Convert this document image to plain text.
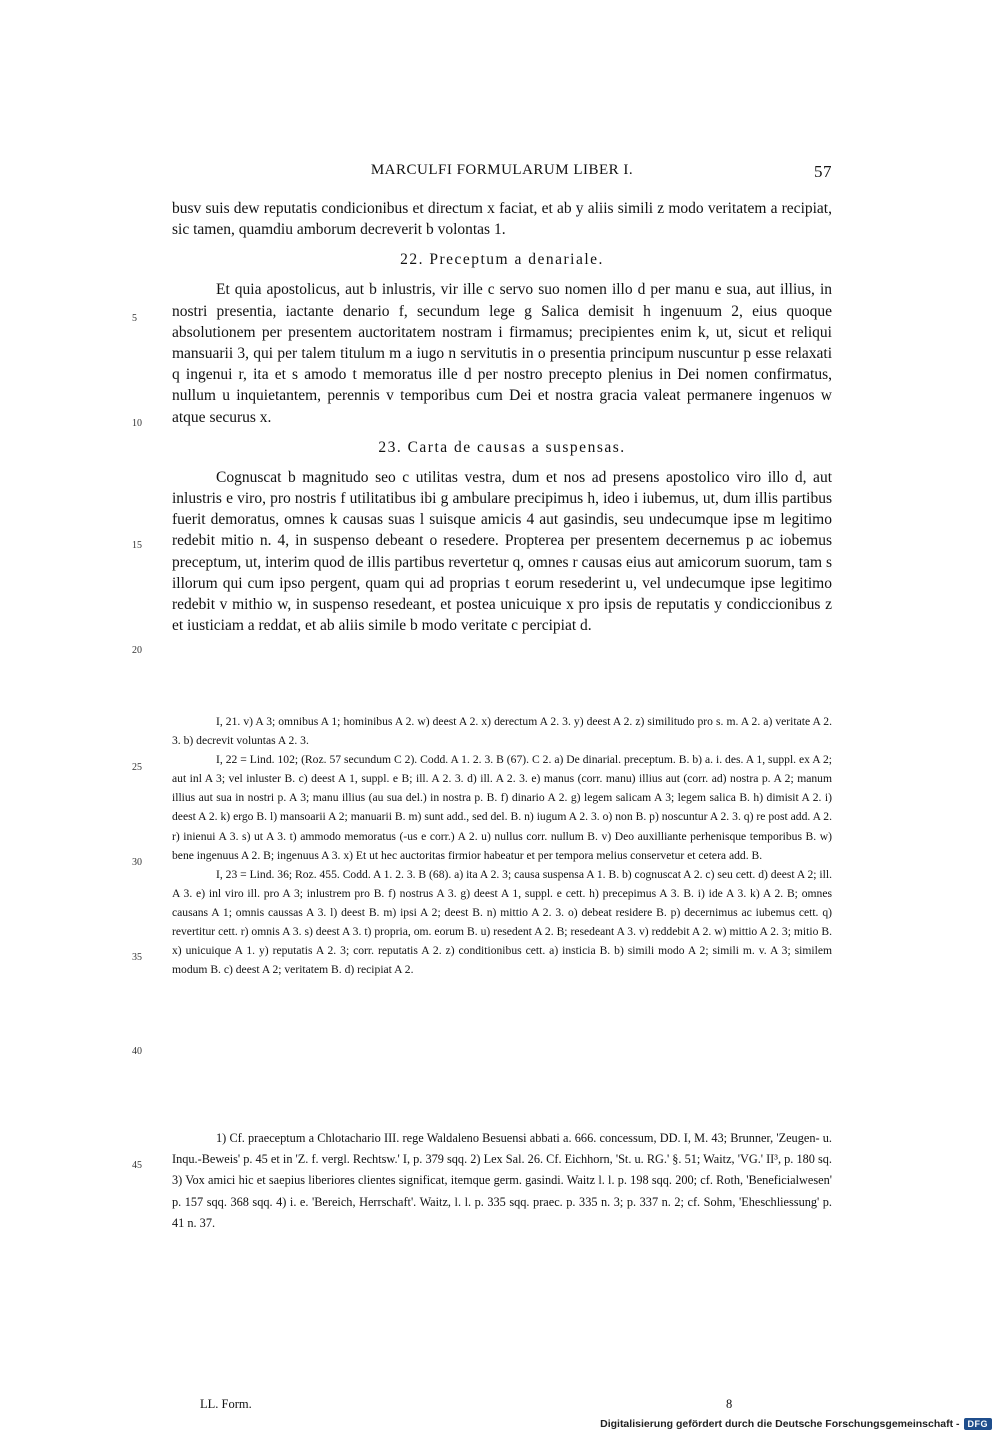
MARCULFI FORMULARUM LIBER I.	57
5
10
15
20
25
30
35
40
45

busv suis dew reputatis condicionibus et directum x faciat, et ab y aliis simili z modo veritatem a recipiat, sic tamen, quamdiu amborum decreverit b volontas 1.

22. Preceptum a denariale.

Et quia apostolicus, aut b inlustris, vir ille c servo suo nomen illo d per manu e sua, aut illius, in nostri presentia, iactante denario f, secundum lege g Salica demisit h ingenuum 2, eius quoque absolutionem per presentem auctoritatem nostram i firmamus; precipientes enim k, ut, sicut et reliqui mansuarii 3, qui per talem titulum m a iugo n servitutis in o presentia principum nuscuntur p esse relaxati q ingenui r, ita et s amodo t memoratus ille d per nostro precepto plenius in Dei nomen confirmatus, nullum u inquietantem, perennis v temporibus cum Dei et nostra gracia valeat permanere ingenuos w atque securus x.

23. Carta de causas a suspensas.

Cognuscat b magnitudo seo c utilitas vestra, dum et nos ad presens apostolico viro illo d, aut inlustris e viro, pro nostris f utilitatibus ibi g ambulare precipimus h, ideo i iubemus, ut, dum illis partibus fuerit demoratus, omnes k causas suas l suisque amicis 4 aut gasindis, seu undecumque ipse m legitimo redebit mitio n. 4, in suspenso debeant o resedere. Propterea per presentem decernemus p ac iobemus preceptum, ut, interim quod de illis partibus revertetur q, omnes r causas eius aut amicorum suorum, tam s illorum qui cum ipso pergent, quam qui ad proprias t eorum resederint u, vel undecumque ipse legitimo redebit v mithio w, in suspenso resedeant, et postea unicuique x pro ipsis de reputatis y condiccionibus z et iusticiam a reddat, et ab aliis simile b modo veritate c percipiat d.

I, 21. v) A 3; omnibus A 1; hominibus A 2. w) deest A 2. x) derectum A 2. 3. y) deest A 2. z) similitudo pro s. m. A 2. a) veritate A 2. 3. b) decrevit voluntas A 2. 3.

I, 22 = Lind. 102; (Roz. 57 secundum C 2). Codd. A 1. 2. 3. B (67). C 2. a) De dinarial. preceptum. B. b) a. i. des. A 1, suppl. ex A 2; aut inl A 3; vel inluster B. c) deest A 1, suppl. e B; ill. A 2. 3. d) ill. A 2. 3. e) manus (corr. manu) illius aut (corr. ad) nostra p. A 2; manum illius aut sua in nostri p. A 3; manu illius (au sua del.) in nostra p. B. f) dinario A 2. g) legem salicam A 3; legem salica B. h) dimisit A 2. i) deest A 2. k) ergo B. l) mansoarii A 2; manuarii B. m) sunt add., sed del. B. n) iugum A 2. 3. o) non B. p) noscuntur A 2. 3. q) re post add. A 2. r) inienui A 3. s) ut A 3. t) ammodo memoratus (-us e corr.) A 2. u) nullus corr. nullum B. v) Deo auxilliante perhenisque temporibus B. w) bene ingenuus A 2. B; ingenuus A 3. x) Et ut hec auctoritas firmior habeatur et per tempora melius conservetur et cetera add. B.

I, 23 = Lind. 36; Roz. 455. Codd. A 1. 2. 3. B (68). a) ita A 2. 3; causa suspensa A 1. B. b) cognuscat A 2. c) seu cett. d) deest A 2; ill. A 3. e) inl viro ill. pro A 3; inlustrem pro B. f) nostrus A 3. g) deest A 1, suppl. e cett. h) precepimus A 3. B. i) ide A 3. k) A 2. B; omnes causans A 1; omnis caussas A 3. l) deest B. m) ipsi A 2; deest B. n) mittio A 2. 3. o) debeat residere B. p) decernimus ac iubemus cett. q) revertitur cett. r) omnis A 3. s) deest A 3. t) propria, om. eorum B. u) resedent A 2. B; resedeant A 3. v) reddebit A 2. w) mittio A 2. 3; mitio B. x) unicuique A 1. y) reputatis A 2. 3; corr. reputatis A 2. z) conditionibus cett. a) insticia B. b) simili modo A 2; simili m. v. A 3; similem modum B. c) deest A 2; veritatem B. d) recipiat A 2.

1) Cf. praeceptum a Chlotachario III. rege Waldaleno Besuensi abbati a. 666. concessum, DD. I, M. 43; Brunner, 'Zeugen- u. Inqu.-Beweis' p. 45 et in 'Z. f. vergl. Rechtsw.' I, p. 379 sqq. 2) Lex Sal. 26. Cf. Eichhorn, 'St. u. RG.' §. 51; Waitz, 'VG.' II³, p. 180 sq. 3) Vox amici hic et saepius liberiores clientes significat, itemque germ. gasindi. Waitz l. l. p. 198 sqq. 200; cf. Roth, 'Beneficialwesen' p. 157 sqq. 368 sqq. 4) i. e. 'Bereich, Herrschaft'. Waitz, l. l. p. 335 sqq. praec. p. 335 n. 3; p. 337 n. 2; cf. Sohm, 'Eheschliessung' p. 41 n. 37.

LL. Form.	8
Digitalisierung gefördert durch die Deutsche Forschungsgemeinschaft - DFG
